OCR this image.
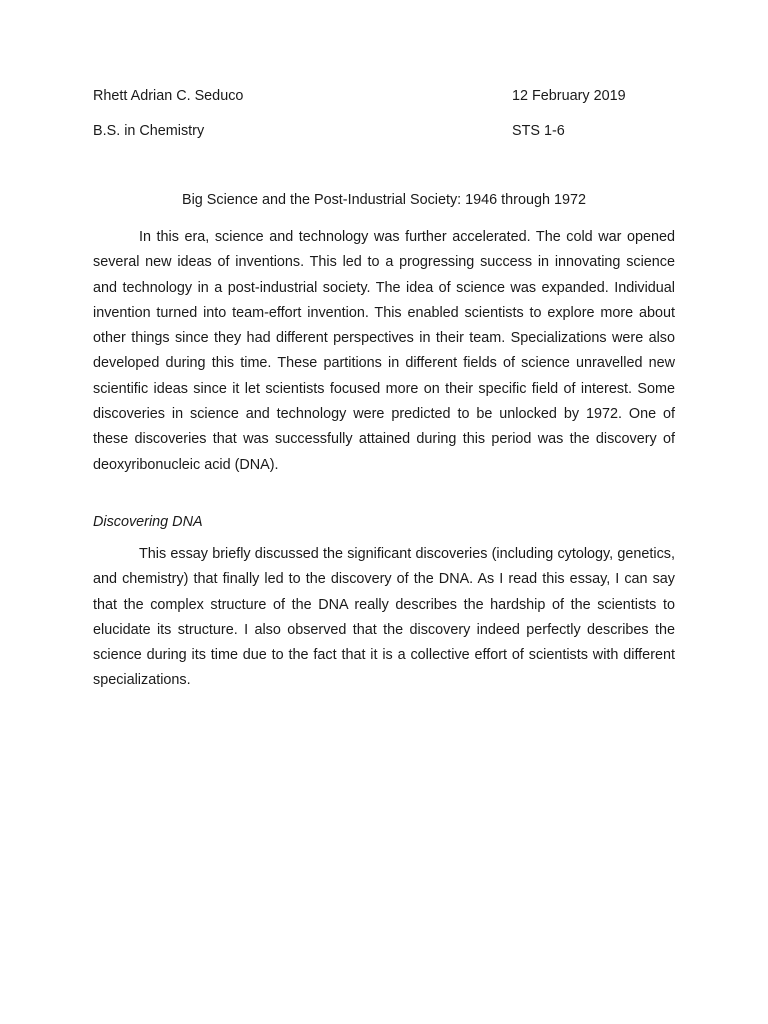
Rhett Adrian C. Seduco	12 February 2019
B.S. in Chemistry	STS 1-6
Big Science and the Post-Industrial Society: 1946 through 1972

In this era, science and technology was further accelerated. The cold war opened several new ideas of inventions. This led to a progressing success in innovating science and technology in a post-industrial society. The idea of science was expanded. Individual invention turned into team-effort invention. This enabled scientists to explore more about other things since they had different perspectives in their team. Specializations were also developed during this time. These partitions in different fields of science unravelled new scientific ideas since it let scientists focused more on their specific field of interest. Some discoveries in science and technology were predicted to be unlocked by 1972. One of these discoveries that was successfully attained during this period was the discovery of deoxyribonucleic acid (DNA).

Discovering DNA

This essay briefly discussed the significant discoveries (including cytology, genetics, and chemistry) that finally led to the discovery of the DNA. As I read this essay, I can say that the complex structure of the DNA really describes the hardship of the scientists to elucidate its structure. I also observed that the discovery indeed perfectly describes the science during its time due to the fact that it is a collective effort of scientists with different specializations.
